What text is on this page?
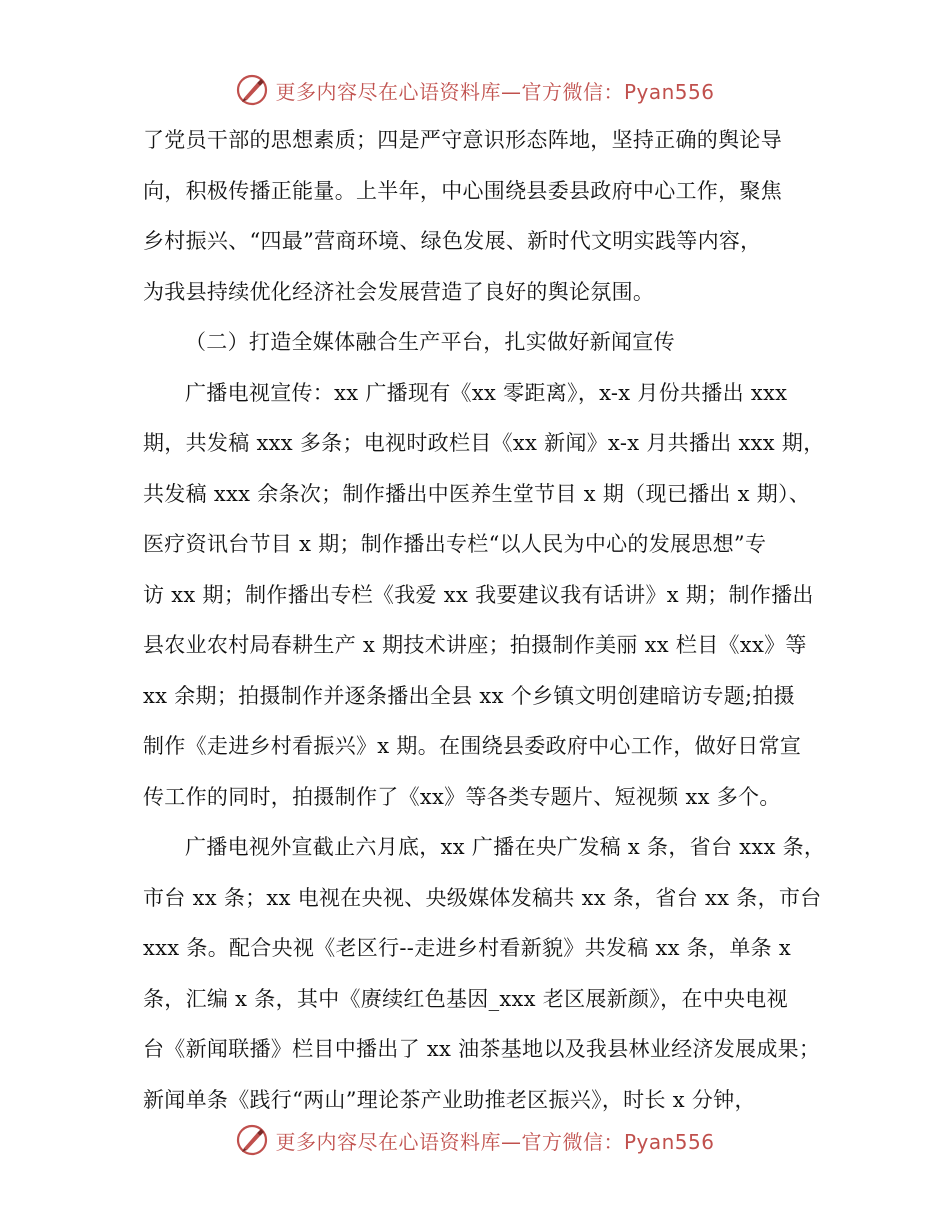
更多内容尽在心语资料库—官方微信：Pyan556
了党员干部的思想素质；四是严守意识形态阵地，坚持正确的舆论导
向，积极传播正能量。上半年，中心围绕县委县政府中心工作，聚焦
乡村振兴、“四最”营商环境、绿色发展、新时代文明实践等内容，
为我县持续优化经济社会发展营造了良好的舆论氛围。
（二）打造全媒体融合生产平台，扎实做好新闻宣传
广播电视宣传：xx 广播现有《xx 零距离》，x-x 月份共播出 xxx
期，共发稿 xxx 多条；电视时政栏目《xx 新闻》x-x 月共播出 xxx 期，
共发稿 xxx 余条次；制作播出中医养生堂节目 x 期（现已播出 x 期）、
医疗资讯台节目 x 期；制作播出专栏“以人民为中心的发展思想”专
访 xx 期；制作播出专栏《我爱 xx 我要建议我有话讲》x 期；制作播出
县农业农村局春耕生产 x 期技术讲座；拍摄制作美丽 xx 栏目《xx》等
xx 余期；拍摄制作并逐条播出全县 xx 个乡镇文明创建暗访专题;拍摄
制作《走进乡村看振兴》x 期。在围绕县委政府中心工作，做好日常宣
传工作的同时，拍摄制作了《xx》等各类专题片、短视频 xx 多个。
广播电视外宣截止六月底，xx 广播在央广发稿 x 条，省台 xxx 条，
市台 xx 条；xx 电视在央视、央级媒体发稿共 xx 条，省台 xx 条，市台
xxx 条。配合央视《老区行--走进乡村看新貌》共发稿 xx 条，单条 x
条，汇编 x 条，其中《赓续红色基因_xxx 老区展新颜》，在中央电视
台《新闻联播》栏目中播出了 xx 油茶基地以及我县林业经济发展成果；
新闻单条《践行“两山”理论茶产业助推老区振兴》，时长 x 分钟，
更多内容尽在心语资料库—官方微信：Pyan556
